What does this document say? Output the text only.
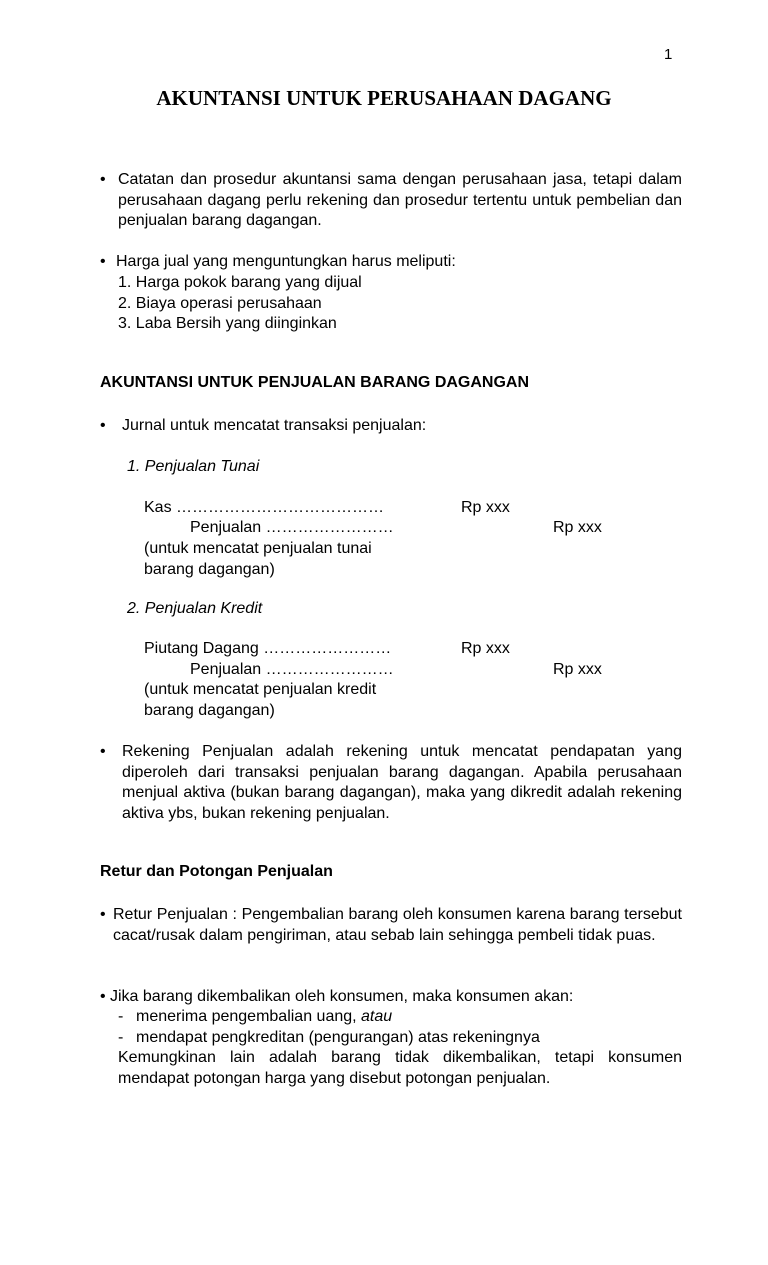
1
AKUNTANSI UNTUK PERUSAHAAN DAGANG
• Catatan dan prosedur akuntansi sama dengan perusahaan jasa, tetapi dalam perusahaan dagang perlu rekening dan prosedur tertentu untuk pembelian dan penjualan barang dagangan.
• Harga jual yang menguntungkan harus meliputi:
1. Harga pokok barang yang dijual
2. Biaya operasi perusahaan
3. Laba Bersih yang diinginkan
AKUNTANSI UNTUK PENJUALAN BARANG DAGANGAN
•	Jurnal untuk mencatat transaksi penjualan:
1. Penjualan Tunai
Kas …………………………………	Rp xxx
Penjualan ……………………	Rp xxx
(untuk mencatat penjualan tunai
barang dagangan)
2. Penjualan Kredit
Piutang Dagang ……………………	Rp xxx
Penjualan ……………………	Rp xxx
(untuk mencatat penjualan kredit
barang dagangan)
•	Rekening Penjualan adalah rekening untuk mencatat pendapatan yang diperoleh dari transaksi penjualan barang dagangan. Apabila perusahaan menjual aktiva (bukan barang dagangan), maka yang dikredit adalah rekening aktiva ybs, bukan rekening penjualan.
Retur dan Potongan Penjualan
• Retur Penjualan : Pengembalian barang oleh konsumen karena barang tersebut cacat/rusak dalam pengiriman, atau sebab lain sehingga pembeli tidak puas.
• Jika barang dikembalikan oleh konsumen, maka konsumen akan:
- menerima pengembalian uang, atau
- mendapat pengkreditan (pengurangan) atas rekeningnya
Kemungkinan lain adalah barang tidak dikembalikan, tetapi konsumen mendapat potongan harga yang disebut potongan penjualan.
